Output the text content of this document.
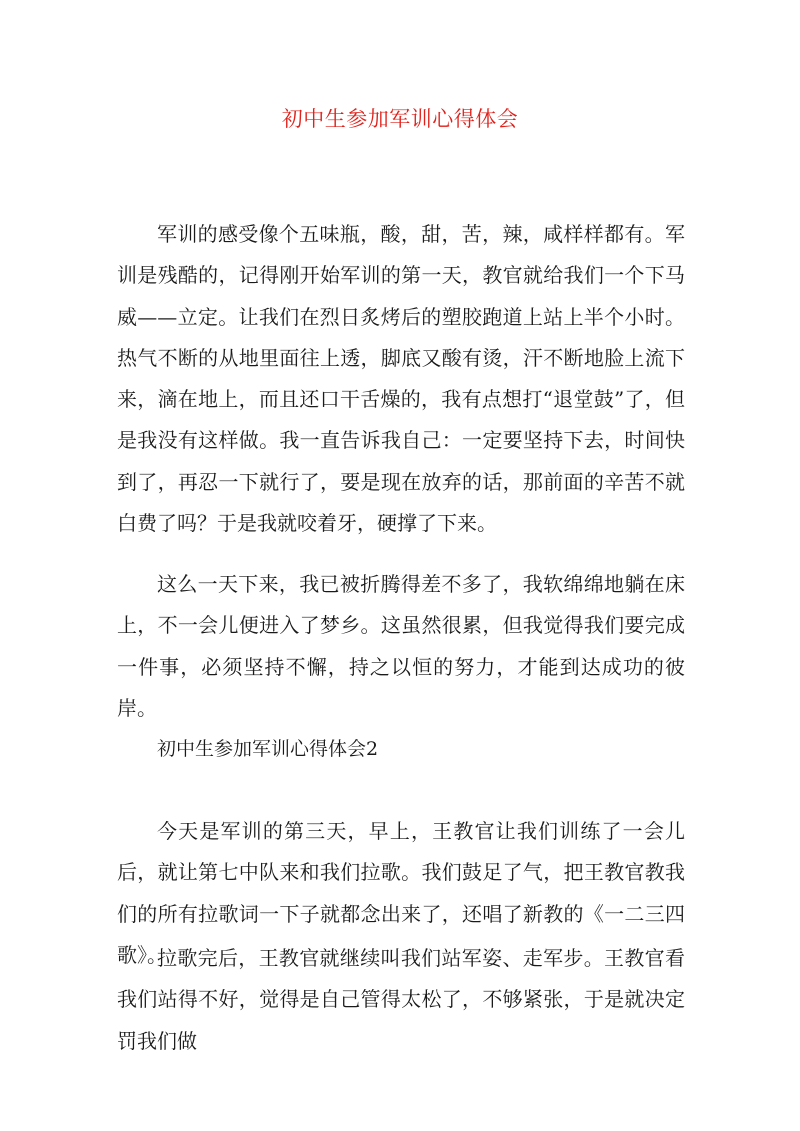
初中生参加军训心得体会

军训的感受像个五味瓶，酸，甜，苦，辣，咸样样都有。军训是残酷的，记得刚开始军训的第一天，教官就给我们一个下马威——立定。让我们在烈日炙烤后的塑胶跑道上站上半个小时。热气不断的从地里面往上透，脚底又酸有烫，汗不断地脸上流下来，滴在地上，而且还口干舌燥的，我有点想打“退堂鼓”了，但是我没有这样做。我一直告诉我自己：一定要坚持下去，时间快到了，再忍一下就行了，要是现在放弃的话，那前面的辛苦不就白费了吗？于是我就咬着牙，硬撑了下来。

这么一天下来，我已被折腾得差不多了，我软绵绵地躺在床上，不一会儿便进入了梦乡。这虽然很累，但我觉得我们要完成一件事，必须坚持不懈，持之以恒的努力，才能到达成功的彼岸。

初中生参加军训心得体会2

今天是军训的第三天，早上，王教官让我们训练了一会儿后，就让第七中队来和我们拉歌。我们鼓足了气，把王教官教我们的所有拉歌词一下子就都念出来了，还唱了新教的《一二三四歌》。

拉歌完后，王教官就继续叫我们站军姿、走军步。王教官看我们站得不好，觉得是自己管得太松了，不够紧张，于是就决定罚我们做
